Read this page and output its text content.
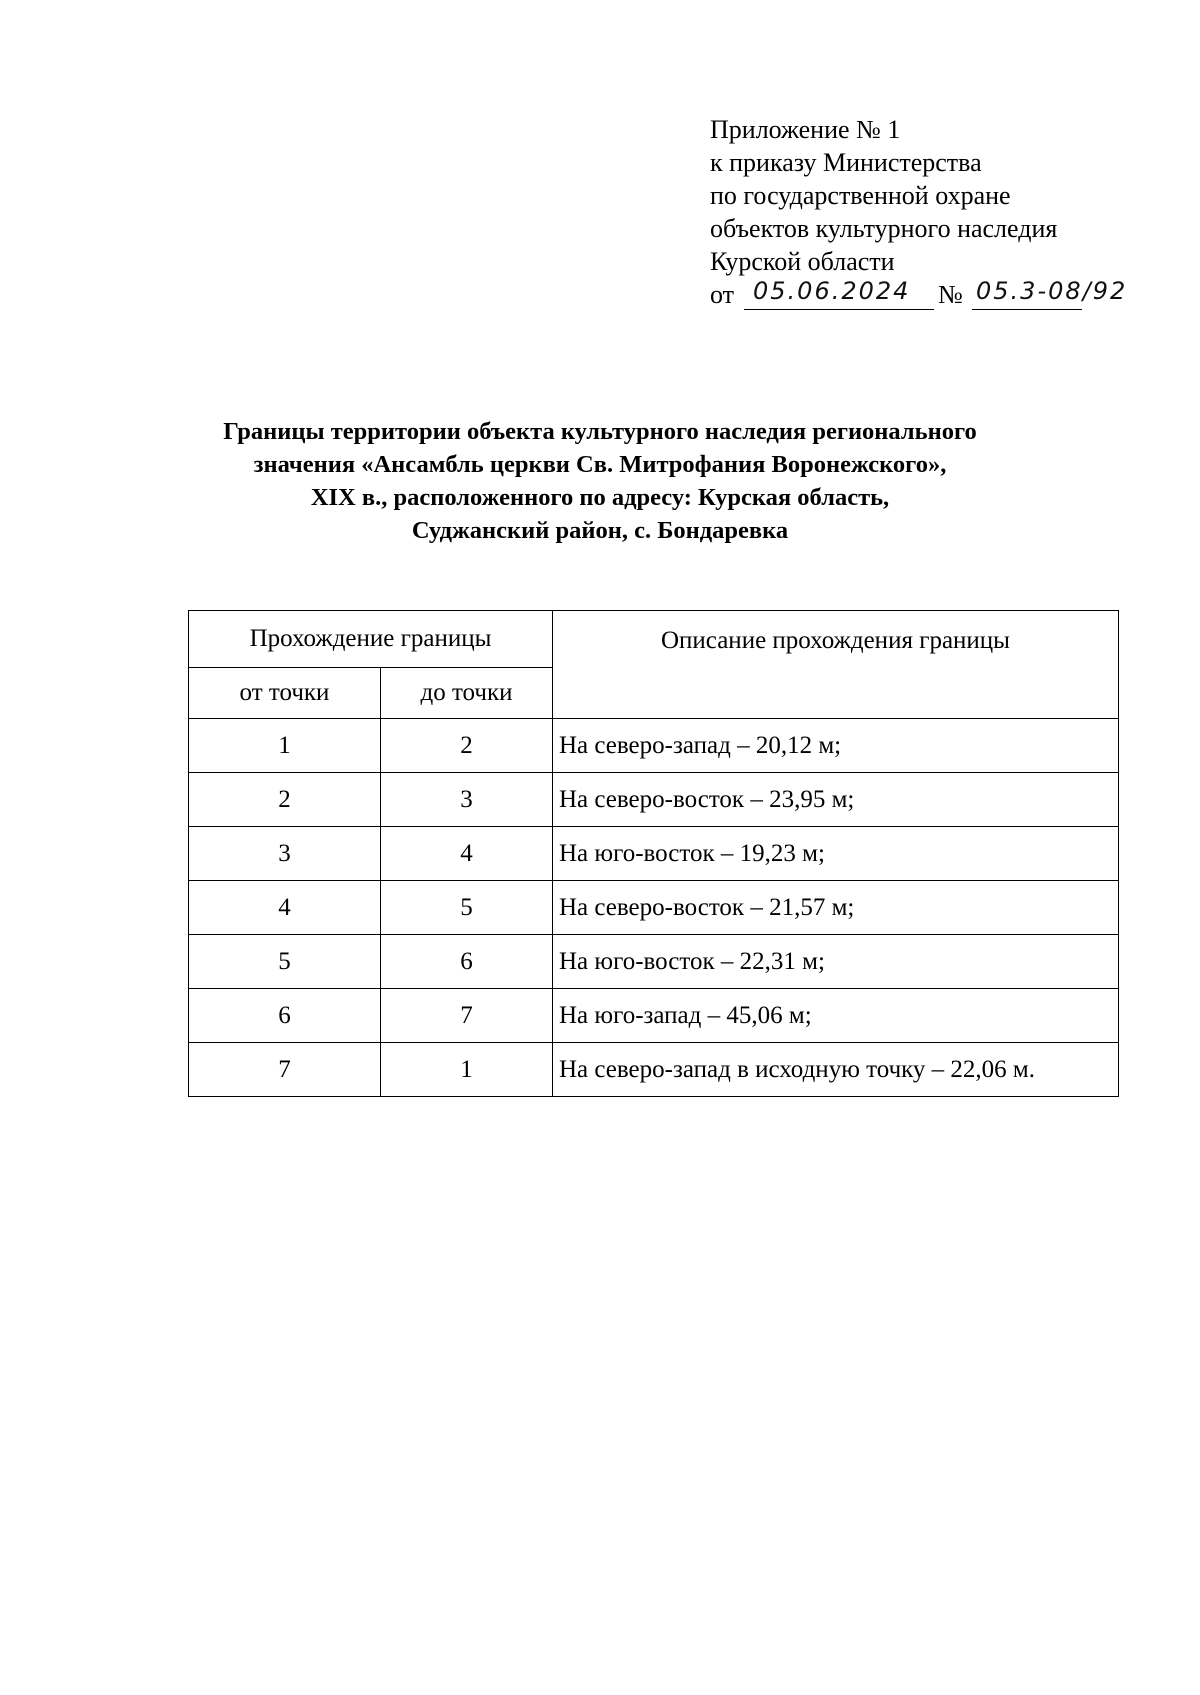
Приложение № 1
к приказу Министерства
по государственной охране
объектов культурного наследия
Курской области
от 05.06.2024 № 05.3-08/92
Границы территории объекта культурного наследия регионального
значения «Ансамбль церкви Св. Митрофания Воронежского»,
XIX в., расположенного по адресу: Курская область,
Суджанский район, с. Бондаревка
Прохождение границы		Описание прохождения границы
от точки	до точки	
1	2	На северо-запад – 20,12 м;
2	3	На северо-восток – 23,95 м;
3	4	На юго-восток – 19,23 м;
4	5	На северо-восток – 21,57 м;
5	6	На юго-восток – 22,31 м;
6	7	На юго-запад – 45,06 м;
7	1	На северо-запад в исходную точку – 22,06 м.
